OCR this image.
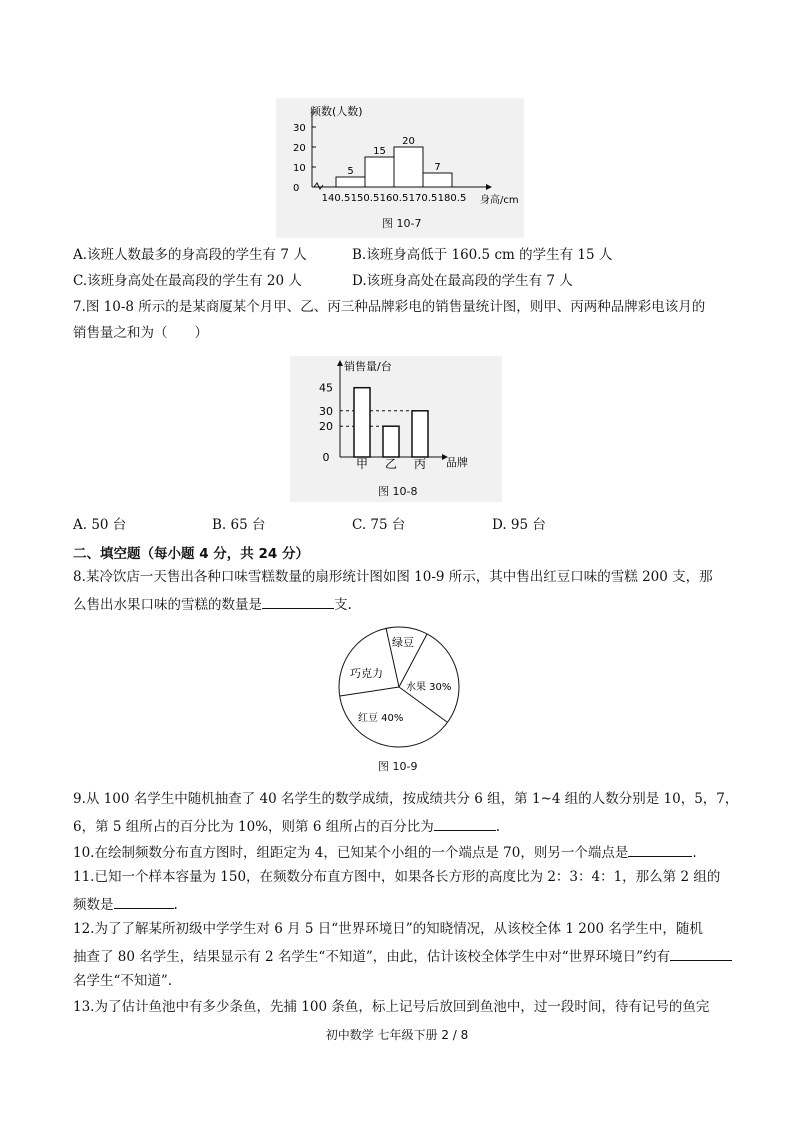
频数(人数)
30
20
10
0
5
15
20
7
140.5 150.5 160.5 170.5 180.5 身高/cm
图 10-7
A.该班人数最多的身高段的学生有 7 人	B.该班身高低于 160.5 cm 的学生有 15 人
C.该班身高处在最高段的学生有 20 人	D.该班身高处在最高段的学生有 7 人
7.图 10-8 所示的是某商厦某个月甲、乙、丙三种品牌彩电的销售量统计图，则甲、丙两种品牌彩电该月的
销售量之和为（　　）
销售量/台
45
30
20
0 甲 乙 丙 品牌
图 10-8
A. 50 台	B. 65 台	C. 75 台	D. 95 台
二、填空题（每小题 4 分，共 24 分）
8.某冷饮店一天售出各种口味雪糕数量的扇形统计图如图 10-9 所示，其中售出红豆口味的雪糕 200 支，那
么售出水果口味的雪糕的数量是	支.
绿豆
水果 30%
红豆 40%
巧克力
图 10-9
9.从 100 名学生中随机抽查了 40 名学生的数学成绩，按成绩共分 6 组，第 1~4 组的人数分别是 10，5，7，
6，第 5 组所占的百分比为 10%，则第 6 组所占的百分比为	.
10.在绘制频数分布直方图时，组距定为 4，已知某个小组的一个端点是 70，则另一个端点是	.
11.已知一个样本容量为 150，在频数分布直方图中，如果各长方形的高度比为 2：3：4：1，那么第 2 组的
频数是	.
12.为了了解某所初级中学学生对 6 月 5 日“世界环境日”的知晓情况，从该校全体 1 200 名学生中，随机
抽查了 80 名学生，结果显示有 2 名学生“不知道”，由此，估计该校全体学生中对“世界环境日”约有
名学生“不知道”.
13.为了估计鱼池中有多少条鱼，先捕 100 条鱼，标上记号后放回到鱼池中，过一段时间，待有记号的鱼完
初中数学 七年级下册 2 / 8
